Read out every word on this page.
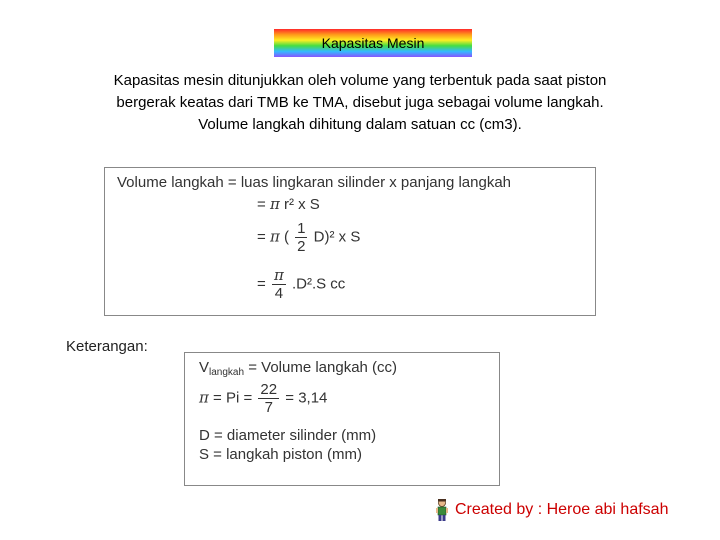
Kapasitas Mesin
Kapasitas mesin ditunjukkan oleh volume yang terbentuk pada saat piston
bergerak keatas dari TMB ke TMA, disebut juga sebagai volume langkah.
Volume langkah dihitung dalam satuan cc (cm3).
Volume langkah = luas lingkaran silinder x panjang langkah
= π r² x S
= π ( $\frac{1}{2} D)^2$ x S
= $\frac{\pi}{4} .D^2.S$ cc
Keterangan:
$V_{langkah}$ = Volume langkah (cc)
$\pi = Pi = \frac{22}{7} = 3,14$
D = diameter silinder (mm)
S = langkah piston (mm)
Created by : Heroe abi hafsah
